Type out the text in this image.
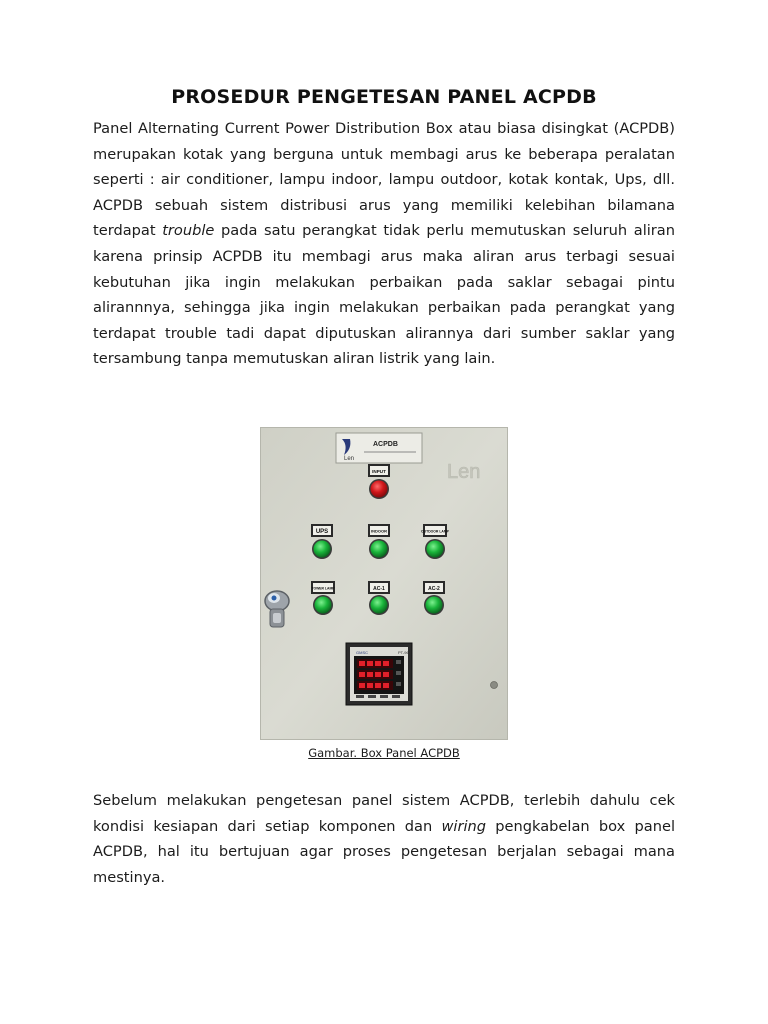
PROSEDUR PENGETESAN PANEL ACPDB

Panel Alternating Current Power Distribution Box atau biasa disingkat (ACPDB) merupakan kotak yang berguna untuk membagi arus ke beberapa peralatan seperti : air conditioner, lampu indoor, lampu outdoor, kotak kontak, Ups, dll. ACPDB sebuah sistem distribusi arus yang memiliki kelebihan bilamana terdapat trouble pada satu perangkat tidak perlu memutuskan seluruh aliran karena prinsip ACPDB itu membagi arus maka aliran arus terbagi sesuai kebutuhan jika ingin melakukan perbaikan pada saklar sebagai pintu alirannnya, sehingga jika ingin melakukan perbaikan pada perangkat yang terdapat trouble tadi dapat diputuskan alirannya dari sumber saklar yang tersambung tanpa memutuskan aliran listrik yang lain.

Len
ACPDB
Len
INPUT
UPS	INDOOR	OUTDOOR LAMP
TOWER LAMP	AC-1	AC-2
GMSC	PT-96
Gambar. Box Panel ACPDB

Sebelum melakukan pengetesan panel sistem ACPDB, terlebih dahulu cek kondisi kesiapan dari setiap komponen dan wiring pengkabelan box panel ACPDB, hal itu bertujuan agar proses pengetesan berjalan sebagai mana mestinya.
